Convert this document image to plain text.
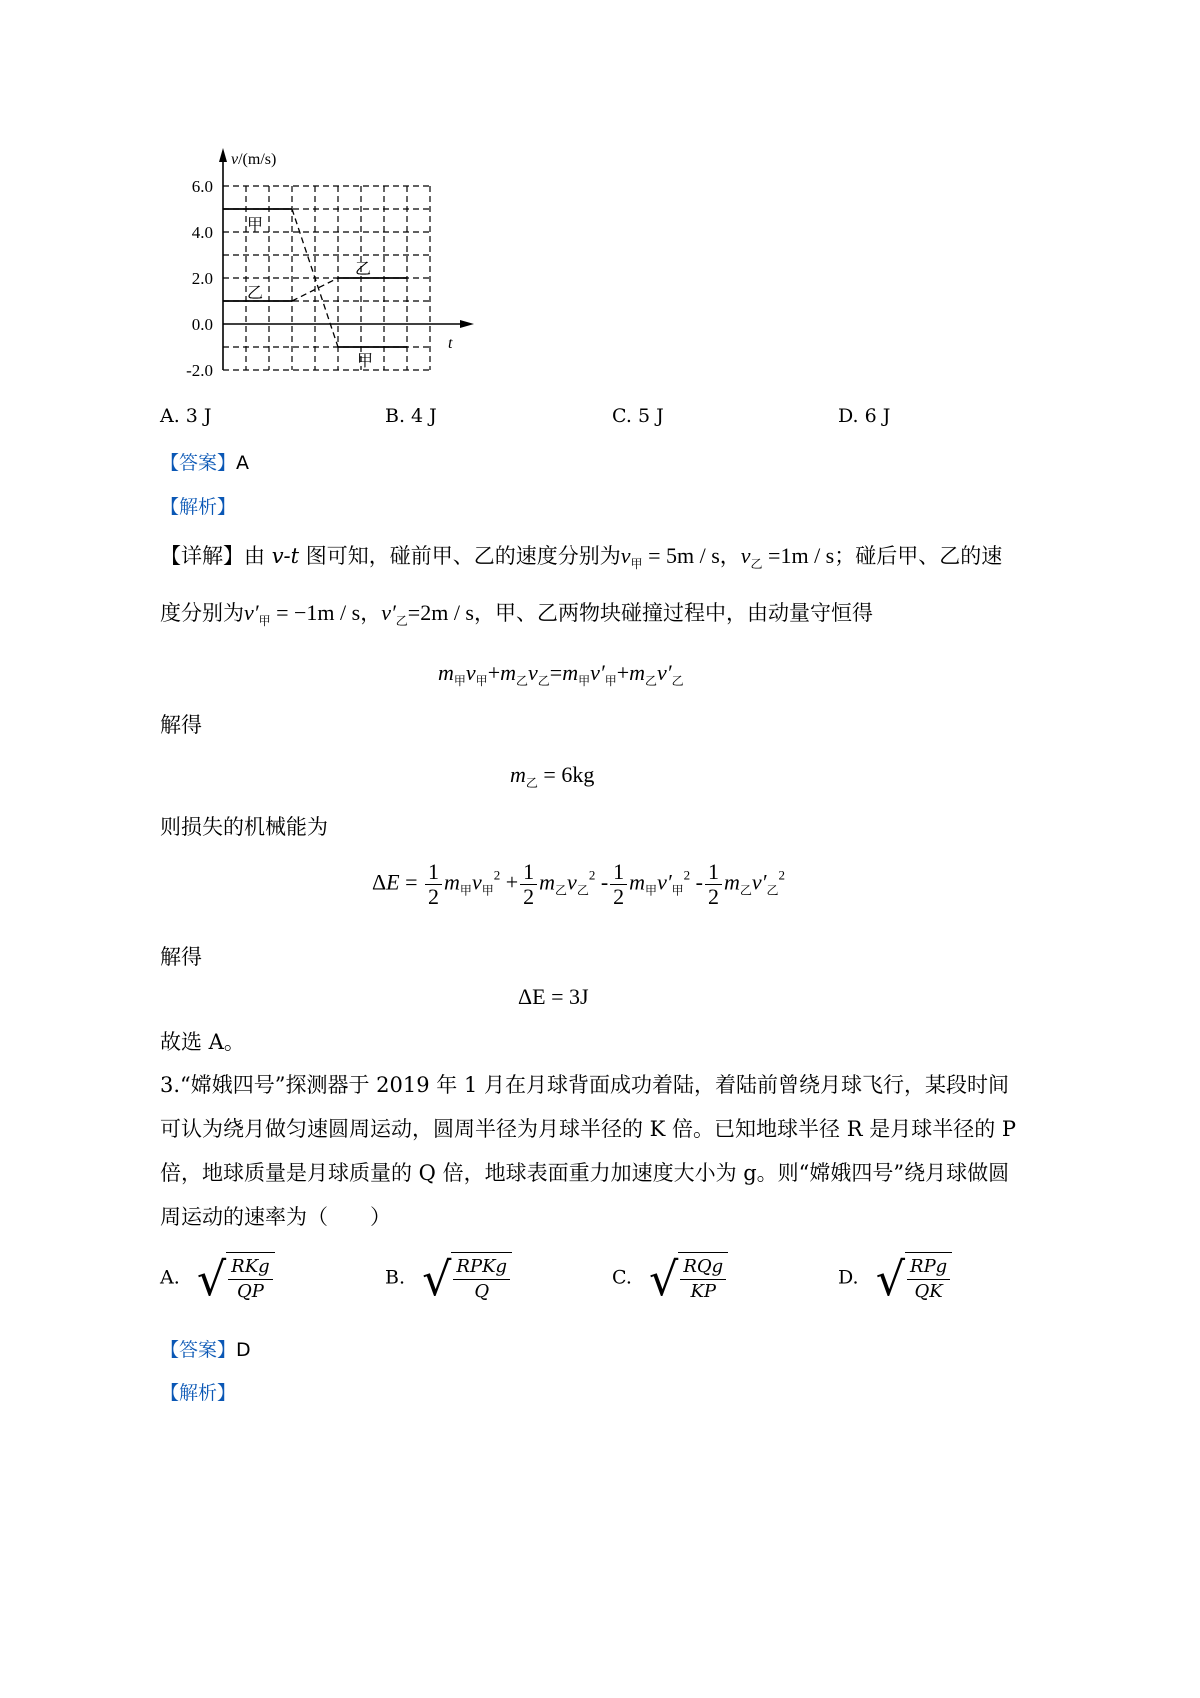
6.0
4.0
2.0
0.0
-2.0
v/(m/s)
t
甲
乙
乙
甲
A. 3 J	B. 4 J	C. 5 J	D. 6 J
【答案】A
【解析】
【详解】由 v-t 图可知，碰前甲、乙的速度分别为$v_甲 = 5m / s$，$v_乙 =1m / s$；碰后甲、乙的速
度分别为$v'_甲 = -1m / s$，$v'_乙=2m / s$，甲、乙两物块碰撞过程中，由动量守恒得
$m_甲v_甲+m_乙v_乙=m_甲v'_甲+m_乙v'_乙$
解得
$m_乙 = 6kg$
则损失的机械能为
$\Delta E = \frac{1}{2} m_甲v_甲^2 + \frac{1}{2} m_乙v_乙^2 - \frac{1}{2} m_甲v'_甲^2 - \frac{1}{2} m_乙v'_乙^2$
解得
ΔE = 3J
故选 A。
3.“嫦娥四号”探测器于 2019 年 1 月在月球背面成功着陆，着陆前曾绕月球飞行，某段时间
可认为绕月做匀速圆周运动，圆周半径为月球半径的 K 倍。已知地球半径 R 是月球半径的 P
倍，地球质量是月球质量的 Q 倍，地球表面重力加速度大小为 g。则“嫦娥四号”绕月球做圆
周运动的速率为（　　）
A. √ $\frac{\text{RKg}}{QP}$	B. √ $\frac{\text{RPKg}}{Q}$	C. √ $\frac{\text{RQg}}{KP}$	D. √ $\frac{\text{RPg}}{QK}$
【答案】D
【解析】
